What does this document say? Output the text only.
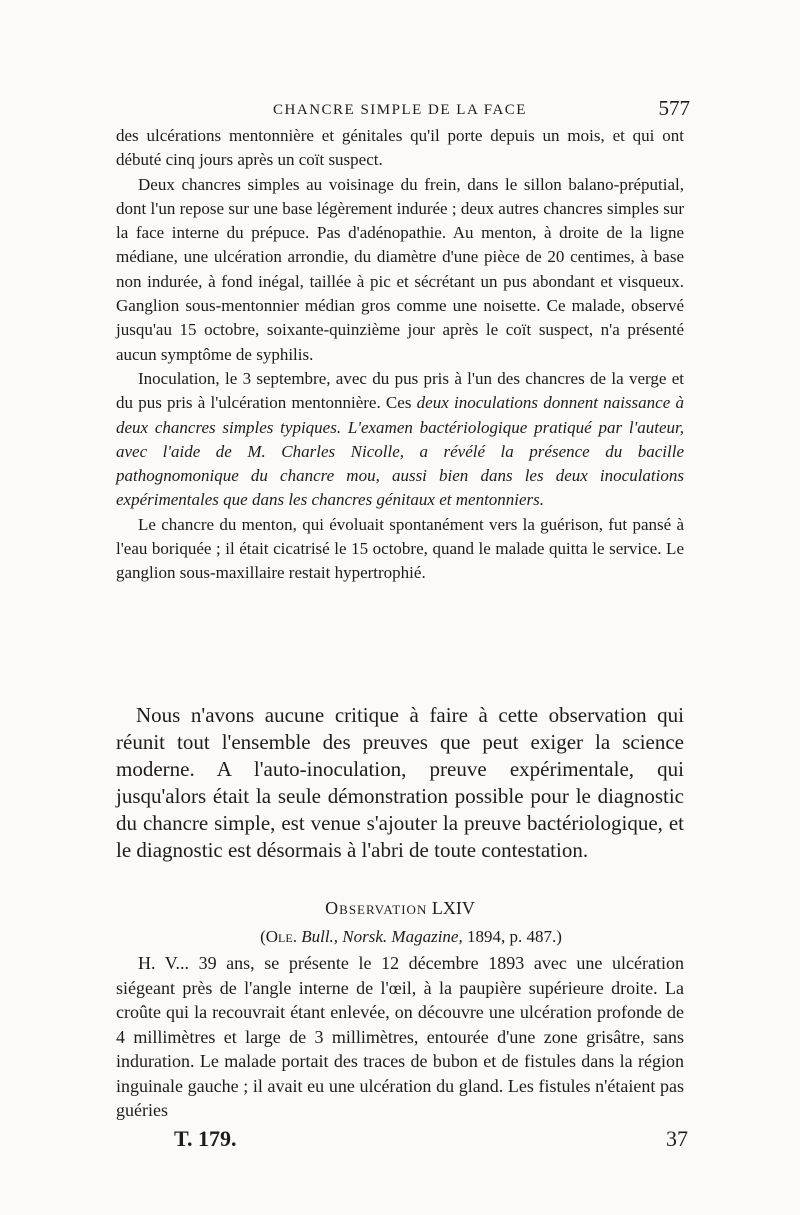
CHANCRE SIMPLE DE LA FACE	577

des ulcérations mentonnière et génitales qu'il porte depuis un mois, et qui ont débuté cinq jours après un coït suspect.

Deux chancres simples au voisinage du frein, dans le sillon balano-préputial, dont l'un repose sur une base légèrement indurée ; deux autres chancres simples sur la face interne du prépuce. Pas d'adénopathie. Au menton, à droite de la ligne médiane, une ulcération arrondie, du diamètre d'une pièce de 20 centimes, à base non indurée, à fond inégal, taillée à pic et sécrétant un pus abondant et visqueux. Ganglion sous-mentonnier médian gros comme une noisette. Ce malade, observé jusqu'au 15 octobre, soixante-quinzième jour après le coït suspect, n'a présenté aucun symptôme de syphilis.

Inoculation, le 3 septembre, avec du pus pris à l'un des chancres de la verge et du pus pris à l'ulcération mentonnière. Ces deux inoculations donnent naissance à deux chancres simples typiques. L'examen bactériologique pratiqué par l'auteur, avec l'aide de M. Charles Nicolle, a révélé la présence du bacille pathognomonique du chancre mou, aussi bien dans les deux inoculations expérimentales que dans les chancres génitaux et mentonniers.

Le chancre du menton, qui évoluait spontanément vers la guérison, fut pansé à l'eau boriquée ; il était cicatrisé le 15 octobre, quand le malade quitta le service. Le ganglion sous-maxillaire restait hypertrophié.

Nous n'avons aucune critique à faire à cette observation qui réunit tout l'ensemble des preuves que peut exiger la science moderne. A l'auto-inoculation, preuve expérimentale, qui jusqu'alors était la seule démonstration possible pour le diagnostic du chancre simple, est venue s'ajouter la preuve bactériologique, et le diagnostic est désormais à l'abri de toute contestation.

Observation LXIV

(Ole. Bull., Norsk. Magazine, 1894, p. 487.)

H. V... 39 ans, se présente le 12 décembre 1893 avec une ulcération siégeant près de l'angle interne de l'œil, à la paupière supérieure droite. La croûte qui la recouvrait étant enlevée, on découvre une ulcération profonde de 4 millimètres et large de 3 millimètres, entourée d'une zone grisâtre, sans induration. Le malade portait des traces de bubon et de fistules dans la région inguinale gauche ; il avait eu une ulcération du gland. Les fistules n'étaient pas guéries

T. 179.	37
